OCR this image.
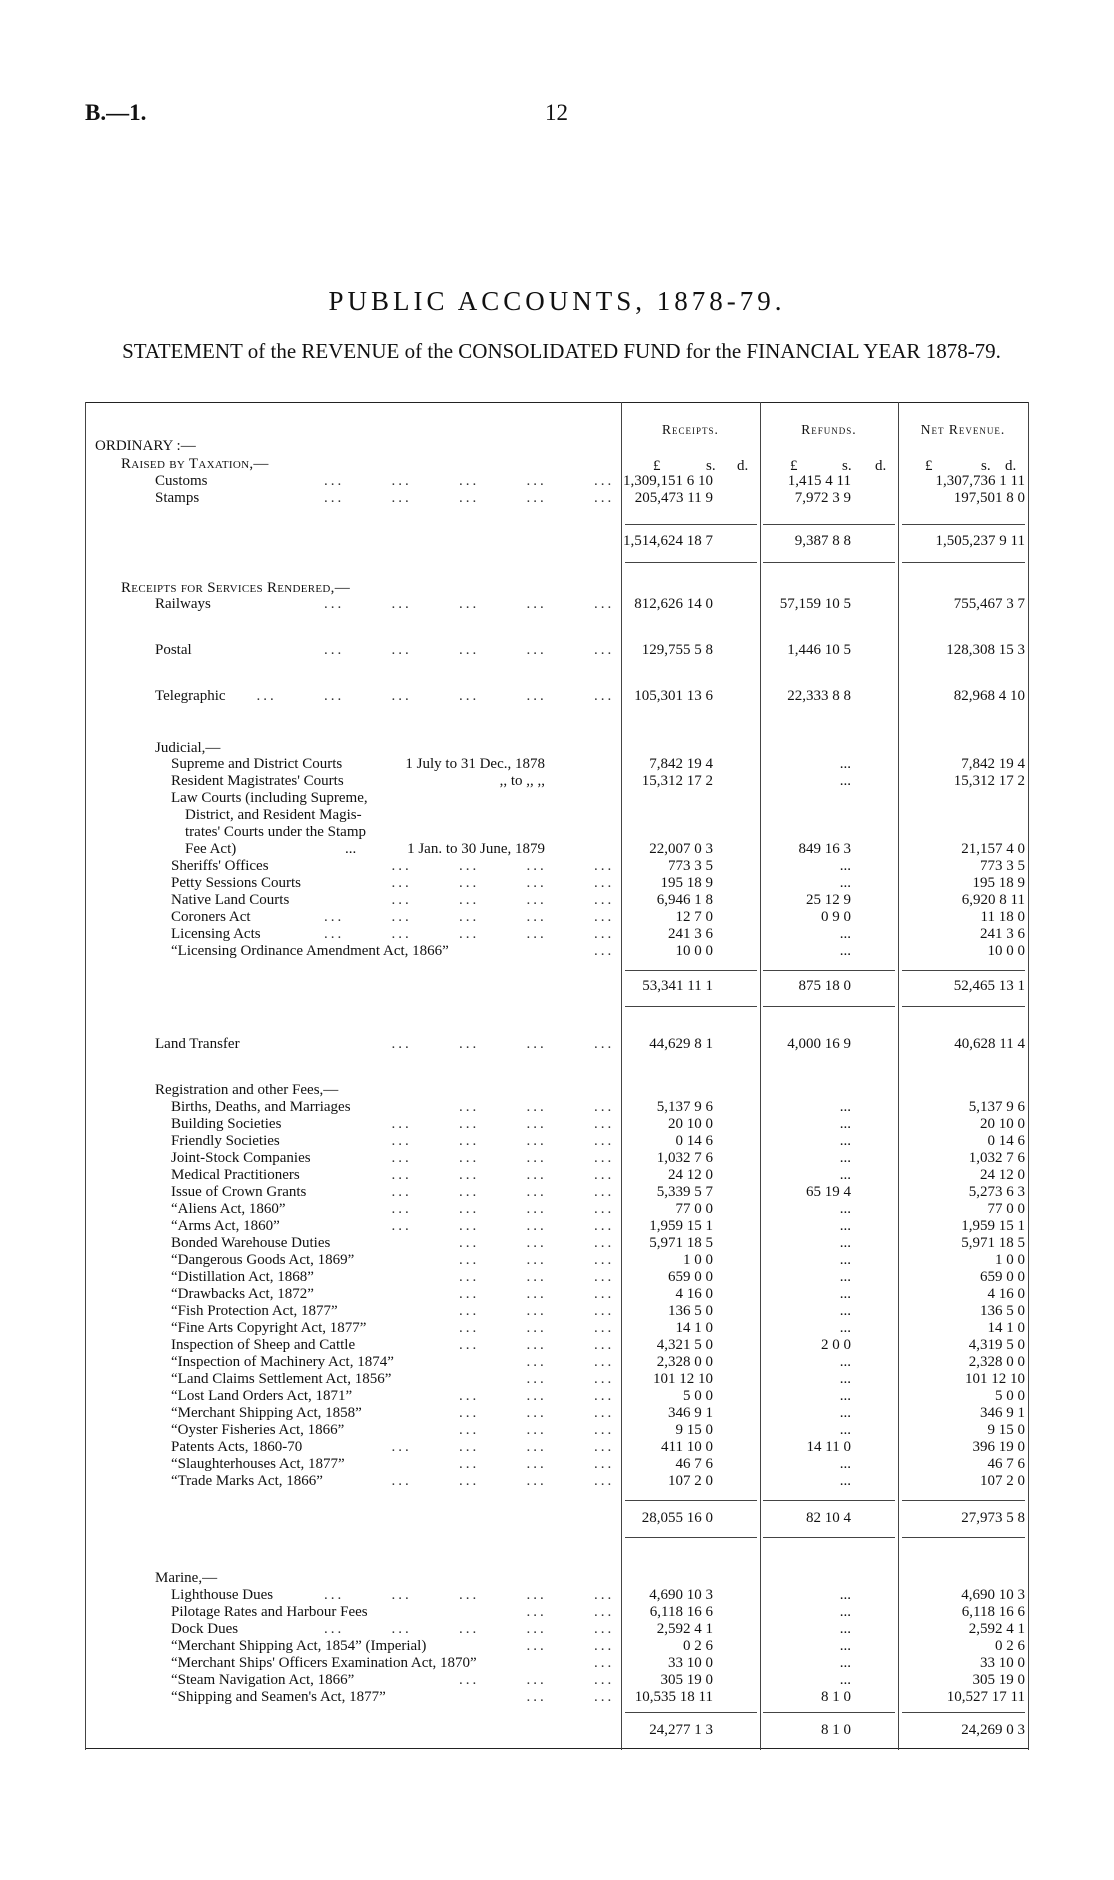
B.—1.	12
PUBLIC ACCOUNTS, 1878-79.
STATEMENT of the REVENUE of the CONSOLIDATED FUND for the FINANCIAL YEAR 1878-79.
Receipts.	Refunds.	Net Revenue.
£	s. d.	£	s. d.	£	s. d.
ORDINARY :—
Raised by Taxation,—
...       ...       ...       ...       ...
Customs	1,309,151 6 10	1,415 4 11	1,307,736 1 11
...       ...       ...       ...       ...
Stamps	205,473 11 9	7,972 3 9	197,501 8 0
1,514,624 18 7	9,387 8 8	1,505,237 9 11
Receipts for Services Rendered,—
...       ...       ...       ...       ...
Railways	812,626 14 0	57,159 10 5	755,467 3 7
...       ...       ...       ...       ...
Postal	129,755 5 8	1,446 10 5	128,308 15 3
...       ...       ...       ...       ...       ...
Telegraphic	105,301 13 6	22,333 8 8	82,968 4 10
Judicial,—
Supreme and District Courts	1 July to 31 Dec., 1878	7,842 19 4	...	7,842 19 4
Resident Magistrates' Courts	,, to ,, ,,	15,312 17 2	...	15,312 17 2
Law Courts (including Supreme,
District, and Resident Magis-
trates' Courts under the Stamp
Fee Act)	...	1 Jan. to 30 June, 1879	22,007 0 3	849 16 3	21,157 4 0
...       ...       ...       ...
Sheriffs' Offices	773 3 5	...	773 3 5
...       ...       ...       ...
Petty Sessions Courts	195 18 9	...	195 18 9
...       ...       ...       ...
Native Land Courts	6,946 1 8	25 12 9	6,920 8 11
...       ...       ...       ...       ...
Coroners Act	12 7 0	0 9 0	11 18 0
...       ...       ...       ...       ...
Licensing Acts	241 3 6	...	241 3 6
...
“Licensing Ordinance Amendment Act, 1866”	10 0 0	...	10 0 0
53,341 11 1	875 18 0	52,465 13 1
...       ...       ...       ...
Land Transfer	44,629 8 1	4,000 16 9	40,628 11 4
Registration and other Fees,—
...       ...       ...
Births, Deaths, and Marriages	5,137 9 6	...	5,137 9 6
...       ...       ...       ...
Building Societies	20 10 0	...	20 10 0
...       ...       ...       ...
Friendly Societies	0 14 6	...	0 14 6
...       ...       ...       ...
Joint-Stock Companies	1,032 7 6	...	1,032 7 6
...       ...       ...       ...
Medical Practitioners	24 12 0	...	24 12 0
...       ...       ...       ...
Issue of Crown Grants	5,339 5 7	65 19 4	5,273 6 3
...       ...       ...       ...
“Aliens Act, 1860”	77 0 0	...	77 0 0
...       ...       ...       ...
“Arms Act, 1860”	1,959 15 1	...	1,959 15 1
...       ...       ...
Bonded Warehouse Duties	5,971 18 5	...	5,971 18 5
...       ...       ...
“Dangerous Goods Act, 1869”	1 0 0	...	1 0 0
...       ...       ...
“Distillation Act, 1868”	659 0 0	...	659 0 0
...       ...       ...
“Drawbacks Act, 1872”	4 16 0	...	4 16 0
...       ...       ...
“Fish Protection Act, 1877”	136 5 0	...	136 5 0
...       ...       ...
“Fine Arts Copyright Act, 1877”	14 1 0	...	14 1 0
...       ...       ...
Inspection of Sheep and Cattle	4,321 5 0	2 0 0	4,319 5 0
...       ...
“Inspection of Machinery Act, 1874”	2,328 0 0	...	2,328 0 0
...       ...
“Land Claims Settlement Act, 1856”	101 12 10	...	101 12 10
...       ...       ...
“Lost Land Orders Act, 1871”	5 0 0	...	5 0 0
...       ...       ...
“Merchant Shipping Act, 1858”	346 9 1	...	346 9 1
...       ...       ...
“Oyster Fisheries Act, 1866”	9 15 0	...	9 15 0
...       ...       ...       ...
Patents Acts, 1860-70	411 10 0	14 11 0	396 19 0
...       ...       ...
“Slaughterhouses Act, 1877”	46 7 6	...	46 7 6
...       ...       ...       ...
“Trade Marks Act, 1866”	107 2 0	...	107 2 0
28,055 16 0	82 10 4	27,973 5 8
Marine,—
...       ...       ...       ...       ...
Lighthouse Dues	4,690 10 3	...	4,690 10 3
...       ...
Pilotage Rates and Harbour Fees	6,118 16 6	...	6,118 16 6
...       ...       ...       ...       ...
Dock Dues	2,592 4 1	...	2,592 4 1
...       ...
“Merchant Shipping Act, 1854” (Imperial)	0 2 6	...	0 2 6
...
“Merchant Ships' Officers Examination Act, 1870”	33 10 0	...	33 10 0
...       ...       ...
“Steam Navigation Act, 1866”	305 19 0	...	305 19 0
...       ...
“Shipping and Seamen's Act, 1877”	10,535 18 11	8 1 0	10,527 17 11
24,277 1 3	8 1 0	24,269 0 3
